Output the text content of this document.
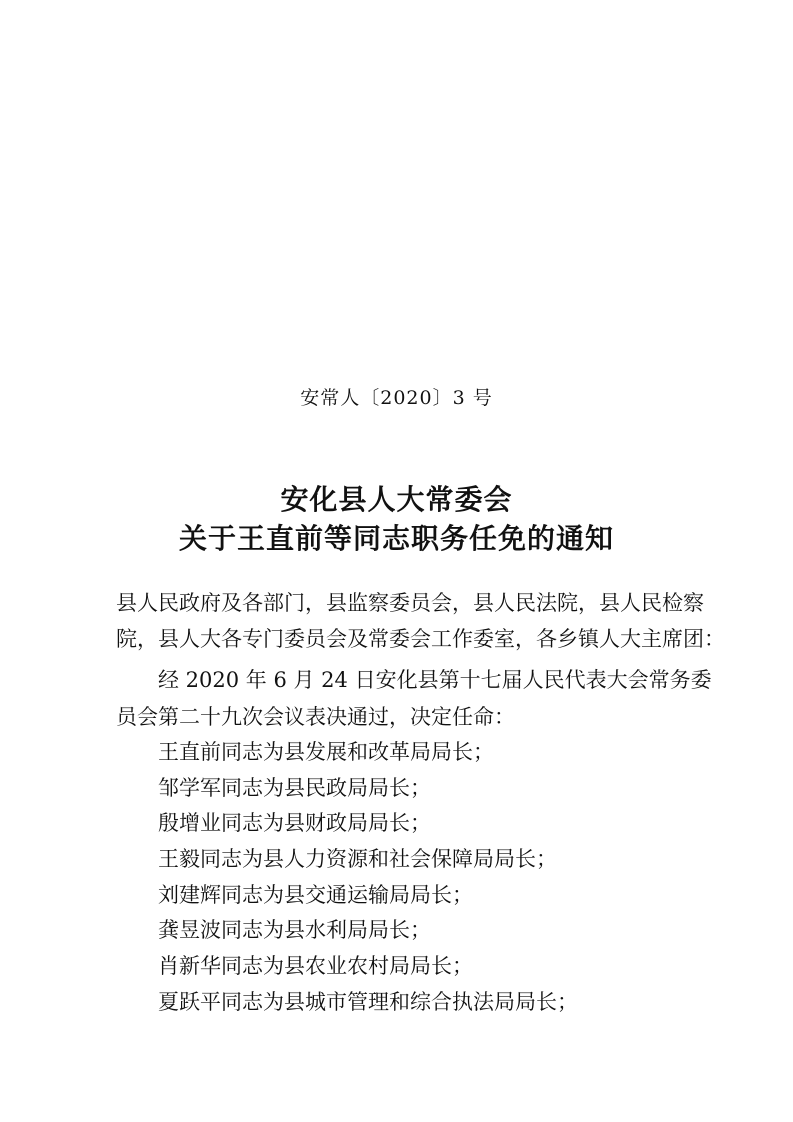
安常人〔2020〕3 号
安化县人大常委会
关于王直前等同志职务任免的通知
县人民政府及各部门，县监察委员会，县人民法院，县人民检察
院，县人大各专门委员会及常委会工作委室，各乡镇人大主席团：
经 2020 年 6 月 24 日安化县第十七届人民代表大会常务委
员会第二十九次会议表决通过，决定任命：
王直前同志为县发展和改革局局长；
邹学军同志为县民政局局长；
殷增业同志为县财政局局长；
王毅同志为县人力资源和社会保障局局长；
刘建辉同志为县交通运输局局长；
龚昱波同志为县水利局局长；
肖新华同志为县农业农村局局长；
夏跃平同志为县城市管理和综合执法局局长；
